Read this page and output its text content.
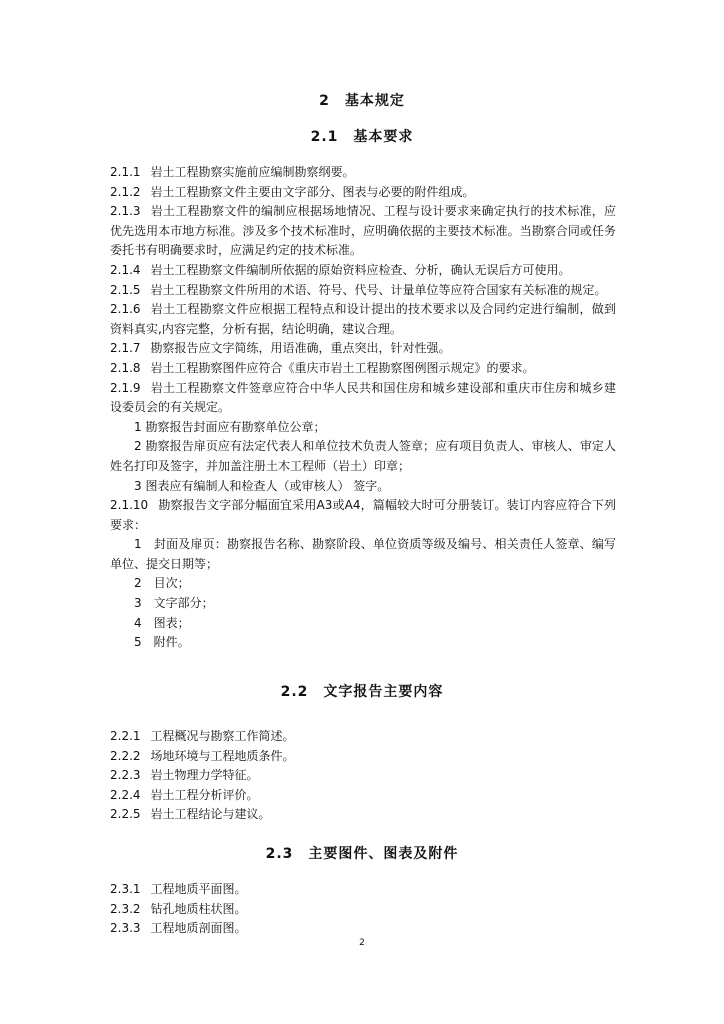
2　基本规定
2.1　基本要求

2.1.1 岩土工程勘察实施前应编制勘察纲要。

2.1.2 岩土工程勘察文件主要由文字部分、图表与必要的附件组成。

2.1.3 岩土工程勘察文件的编制应根据场地情况、工程与设计要求来确定执行的技术标准，应优先选用本市地方标准。涉及多个技术标准时，应明确依据的主要技术标准。当勘察合同或任务委托书有明确要求时，应满足约定的技术标准。

2.1.4 岩土工程勘察文件编制所依据的原始资料应检查、分析，确认无误后方可使用。

2.1.5 岩土工程勘察文件所用的术语、符号、代号、计量单位等应符合国家有关标准的规定。

2.1.6 岩土工程勘察文件应根据工程特点和设计提出的技术要求以及合同约定进行编制，做到资料真实,内容完整，分析有据，结论明确，建议合理。

2.1.7 勘察报告应文字简练，用语准确，重点突出，针对性强。

2.1.8 岩土工程勘察图件应符合《重庆市岩土工程勘察图例图示规定》的要求。

2.1.9 岩土工程勘察文件签章应符合中华人民共和国住房和城乡建设部和重庆市住房和城乡建设委员会的有关规定。

1 勘察报告封面应有勘察单位公章；

2 勘察报告扉页应有法定代表人和单位技术负责人签章；应有项目负责人、审核人、审定人姓名打印及签字，并加盖注册土木工程师（岩土）印章；

3 图表应有编制人和检查人（或审核人） 签字。

2.1.10 勘察报告文字部分幅面宜采用A3或A4，篇幅较大时可分册装订。装订内容应符合下列要求：

1　封面及扉页：勘察报告名称、勘察阶段、单位资质等级及编号、相关责任人签章、编写单位、提交日期等；

2　目次；

3　文字部分；

4　图表；

5　附件。

2.2　文字报告主要内容

2.2.1 工程概况与勘察工作简述。

2.2.2 场地环境与工程地质条件。

2.2.3 岩土物理力学特征。

2.2.4 岩土工程分析评价。

2.2.5 岩土工程结论与建议。

2.3　主要图件、图表及附件

2.3.1 工程地质平面图。

2.3.2 钻孔地质柱状图。

2.3.3 工程地质剖面图。

2
